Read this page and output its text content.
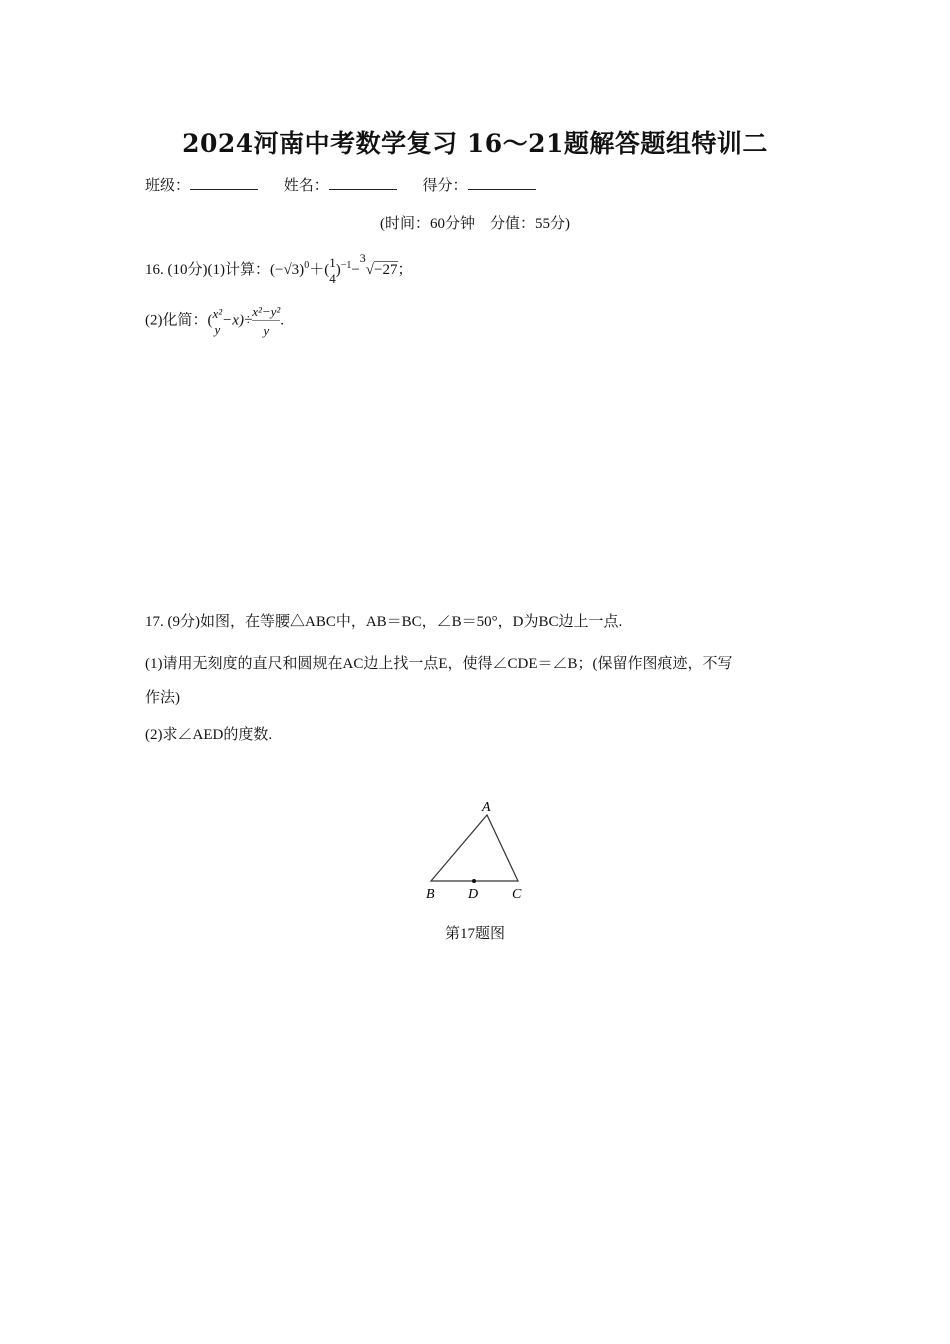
2024河南中考数学复习 16～21题解答题组特训二
班级：	姓名：	得分：
(时间：60分钟　分值：55分)
16. (10分)(1)计算：$(-√3)^0+$( 1
4
)$^{-1}$−$^3$√−27；
(2)化简：( x²
y
$-x)\div \frac{\text{x²−y²}}{y}$ .
17. (9分)如图，在等腰△ABC中，AB＝BC，∠B＝50°，D为BC边上一点.
(1)请用无刻度的直尺和圆规在AC边上找一点E，使得∠CDE＝∠B；(保留作图痕迹，不写
作法)
(2)求∠AED的度数.
A
B D C
第17题图
